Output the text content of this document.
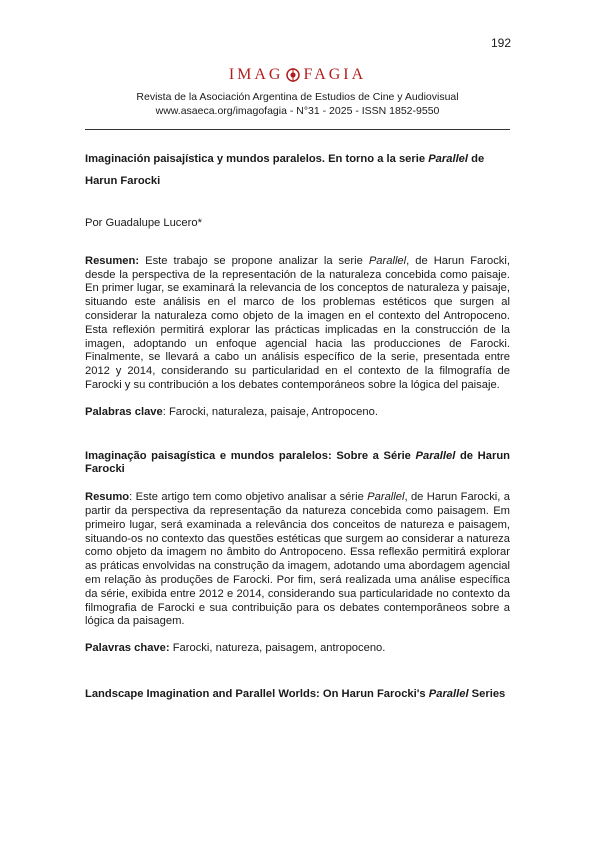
192
IMAG FAGIA
Revista de la Asociación Argentina de Estudios de Cine y Audiovisual
www.asaeca.org/imagofagia - N°31 - 2025 - ISSN 1852-9550

Imaginación paisajística y mundos paralelos. En torno a la serie Parallel de Harun Farocki

Por Guadalupe Lucero*

Resumen: Este trabajo se propone analizar la serie Parallel, de Harun Farocki, desde la perspectiva de la representación de la naturaleza concebida como paisaje. En primer lugar, se examinará la relevancia de los conceptos de naturaleza y paisaje, situando este análisis en el marco de los problemas estéticos que surgen al considerar la naturaleza como objeto de la imagen en el contexto del Antropoceno. Esta reflexión permitirá explorar las prácticas implicadas en la construcción de la imagen, adoptando un enfoque agencial hacia las producciones de Farocki. Finalmente, se llevará a cabo un análisis específico de la serie, presentada entre 2012 y 2014, considerando su particularidad en el contexto de la filmografía de Farocki y su contribución a los debates contemporáneos sobre la lógica del paisaje.

Palabras clave: Farocki, naturaleza, paisaje, Antropoceno.

Imaginação paisagística e mundos paralelos: Sobre a Série Parallel de Harun Farocki

Resumo: Este artigo tem como objetivo analisar a série Parallel, de Harun Farocki, a partir da perspectiva da representação da natureza concebida como paisagem. Em primeiro lugar, será examinada a relevância dos conceitos de natureza e paisagem, situando-os no contexto das questões estéticas que surgem ao considerar a natureza como objeto da imagem no âmbito do Antropoceno. Essa reflexão permitirá explorar as práticas envolvidas na construção da imagem, adotando uma abordagem agencial em relação às produções de Farocki. Por fim, será realizada uma análise específica da série, exibida entre 2012 e 2014, considerando sua particularidade no contexto da filmografia de Farocki e sua contribuição para os debates contemporâneos sobre a lógica da paisagem.

Palavras chave: Farocki, natureza, paisagem, antropoceno.

Landscape Imagination and Parallel Worlds: On Harun Farocki's Parallel Series
